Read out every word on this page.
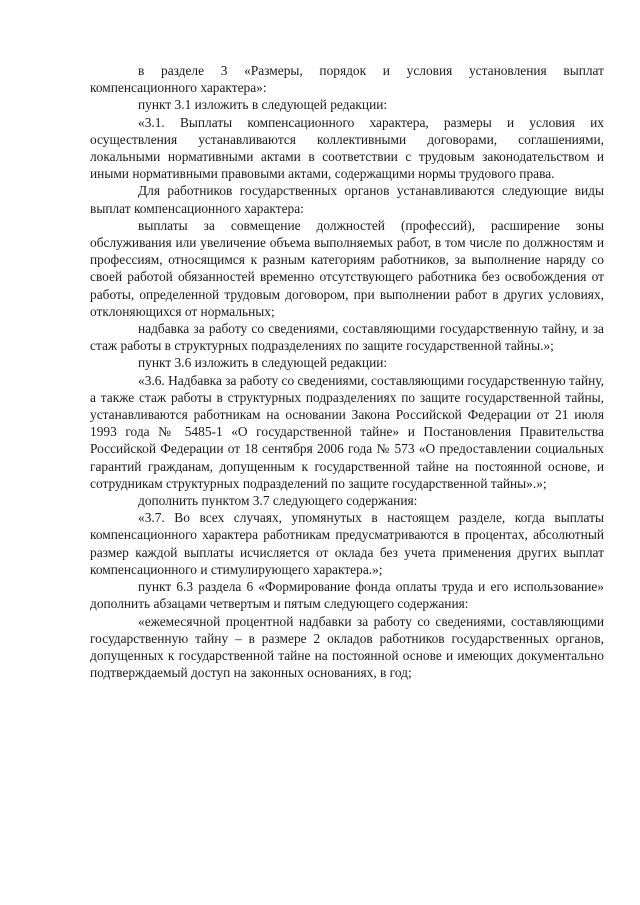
в разделе 3 «Размеры, порядок и условия установления выплат компенсационного характера»:

пункт 3.1 изложить в следующей редакции:

«3.1. Выплаты компенсационного характера, размеры и условия их осуществления устанавливаются коллективными договорами, соглашениями, локальными нормативными актами в соответствии с трудовым законодательством и иными нормативными правовыми актами, содержащими нормы трудового права.

Для работников государственных органов устанавливаются следующие виды выплат компенсационного характера:

выплаты за совмещение должностей (профессий), расширение зоны обслуживания или увеличение объема выполняемых работ, в том числе по должностям и профессиям, относящимся к разным категориям работников, за выполнение наряду со своей работой обязанностей временно отсутствующего работника без освобождения от работы, определенной трудовым договором, при выполнении работ в других условиях, отклоняющихся от нормальных;

надбавка за работу со сведениями, составляющими государственную тайну, и за стаж работы в структурных подразделениях по защите государственной тайны.»;

пункт 3.6 изложить в следующей редакции:

«3.6. Надбавка за работу со сведениями, составляющими государственную тайну, а также стаж работы в структурных подразделениях по защите государственной тайны, устанавливаются работникам на основании Закона Российской Федерации от 21 июля 1993 года № 5485-1 «О государственной тайне» и Постановления Правительства Российской Федерации от 18 сентября 2006 года № 573 «О предоставлении социальных гарантий гражданам, допущенным к государственной тайне на постоянной основе, и сотрудникам структурных подразделений по защите государственной тайны».»;

дополнить пунктом 3.7 следующего содержания:

«3.7. Во всех случаях, упомянутых в настоящем разделе, когда выплаты компенсационного характера работникам предусматриваются в процентах, абсолютный размер каждой выплаты исчисляется от оклада без учета применения других выплат компенсационного и стимулирующего характера.»;

пункт 6.3 раздела 6 «Формирование фонда оплаты труда и его использование» дополнить абзацами четвертым и пятым следующего содержания:

«ежемесячной процентной надбавки за работу со сведениями, составляющими государственную тайну – в размере 2 окладов работников государственных органов, допущенных к государственной тайне на постоянной основе и имеющих документально подтверждаемый доступ на законных основаниях, в год;
